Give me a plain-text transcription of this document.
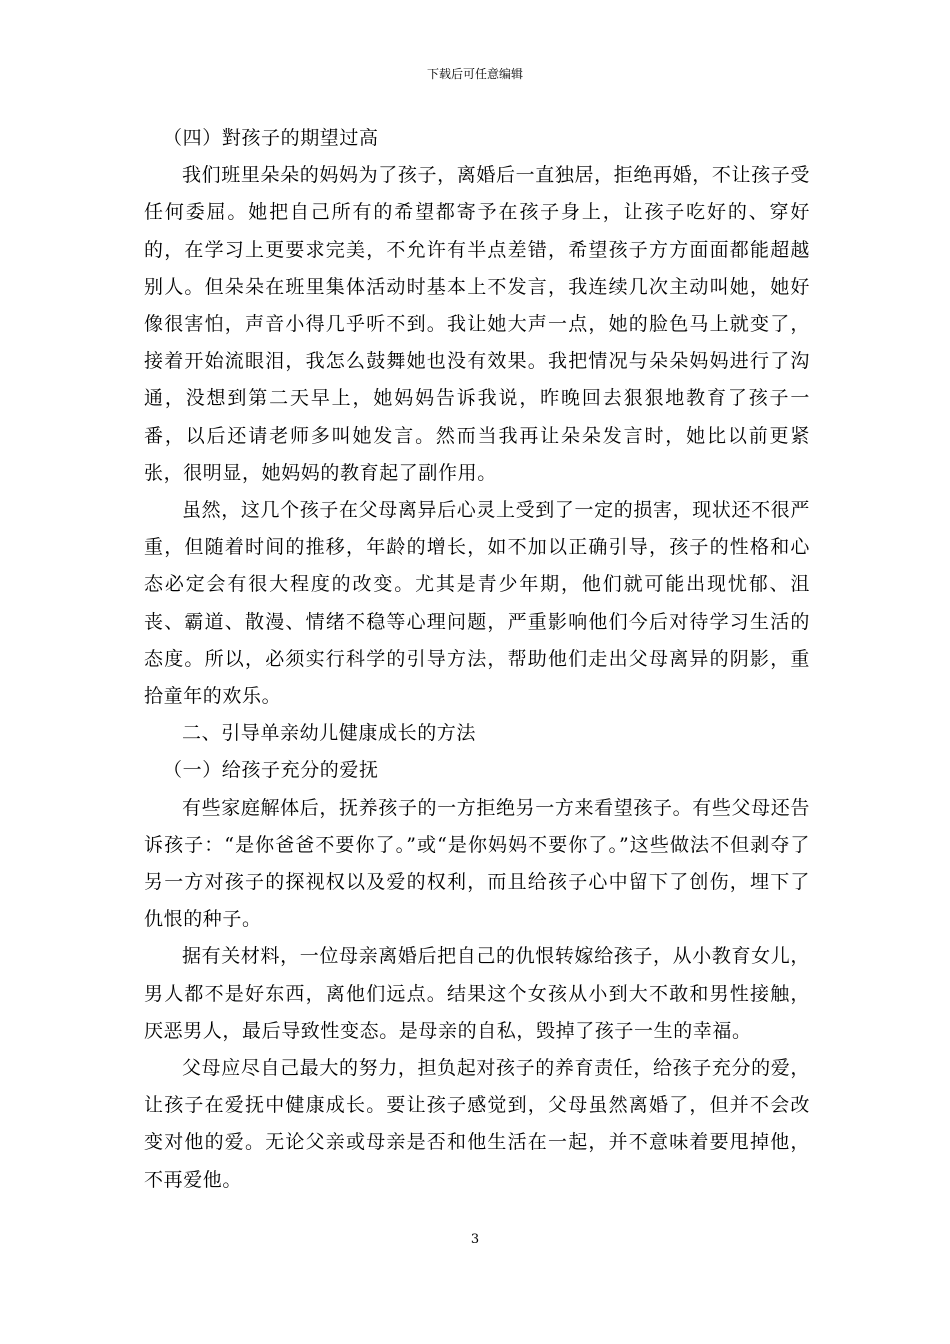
下载后可任意编辑

（四）對孩子的期望过高

我们班里朵朵的妈妈为了孩子，离婚后一直独居，拒绝再婚，不让孩子受任何委屈。她把自己所有的希望都寄予在孩子身上，让孩子吃好的、穿好的，在学习上更要求完美，不允许有半点差错，希望孩子方方面面都能超越别人。但朵朵在班里集体活动时基本上不发言，我连续几次主动叫她，她好像很害怕，声音小得几乎听不到。我让她大声一点，她的脸色马上就变了，接着开始流眼泪，我怎么鼓舞她也没有效果。我把情况与朵朵妈妈进行了沟通，没想到第二天早上，她妈妈告诉我说，昨晚回去狠狠地教育了孩子一番，以后还请老师多叫她发言。然而当我再让朵朵发言时，她比以前更紧张，很明显，她妈妈的教育起了副作用。

虽然，这几个孩子在父母离异后心灵上受到了一定的损害，现状还不很严重，但随着时间的推移，年龄的增长，如不加以正确引导，孩子的性格和心态必定会有很大程度的改变。尤其是青少年期，他们就可能出现忧郁、沮丧、霸道、散漫、情绪不稳等心理问题，严重影响他们今后对待学习生活的态度。所以，必须实行科学的引导方法，帮助他们走出父母离异的阴影，重拾童年的欢乐。

二、引导单亲幼儿健康成长的方法

（一）给孩子充分的爱抚

有些家庭解体后，抚养孩子的一方拒绝另一方来看望孩子。有些父母还告诉孩子：“是你爸爸不要你了。”或“是你妈妈不要你了。”这些做法不但剥夺了另一方对孩子的探视权以及爱的权利，而且给孩子心中留下了创伤，埋下了仇恨的种子。

据有关材料，一位母亲离婚后把自己的仇恨转嫁给孩子，从小教育女儿，男人都不是好东西，离他们远点。结果这个女孩从小到大不敢和男性接触，厌恶男人，最后导致性变态。是母亲的自私，毁掉了孩子一生的幸福。

父母应尽自己最大的努力，担负起对孩子的养育责任，给孩子充分的爱，让孩子在爱抚中健康成长。要让孩子感觉到，父母虽然离婚了，但并不会改变对他的爱。无论父亲或母亲是否和他生活在一起，并不意味着要甩掉他，不再爱他。

3
